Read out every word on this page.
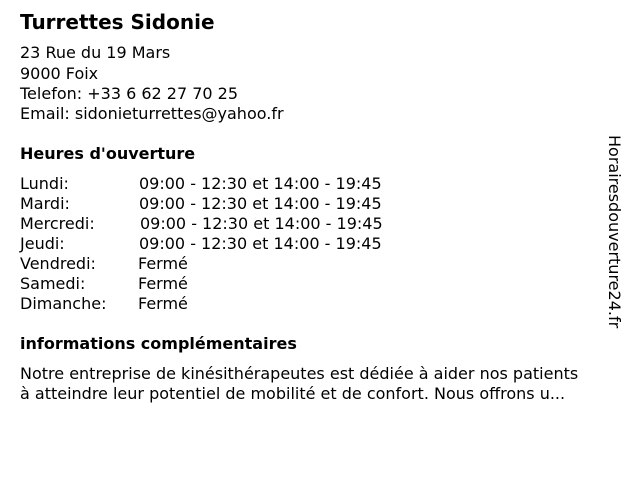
Turrettes Sidonie
23 Rue du 19 Mars
9000 Foix
Telefon: +33 6 62 27 70 25
Email: sidonieturrettes@yahoo.fr
Heures d'ouverture
Lundi:	09:00 - 12:30 et 14:00 - 19:45
Mardi:	09:00 - 12:30 et 14:00 - 19:45
Mercredi:	09:00 - 12:30 et 14:00 - 19:45
Jeudi:	09:00 - 12:30 et 14:00 - 19:45
Vendredi:	Fermé
Samedi:	Fermé
Dimanche: Fermé
informations complémentaires
Notre entreprise de kinésithérapeutes est dédiée à aider nos patients
à atteindre leur potentiel de mobilité et de confort. Nous offrons u...
Horairesdouverture24.fr
